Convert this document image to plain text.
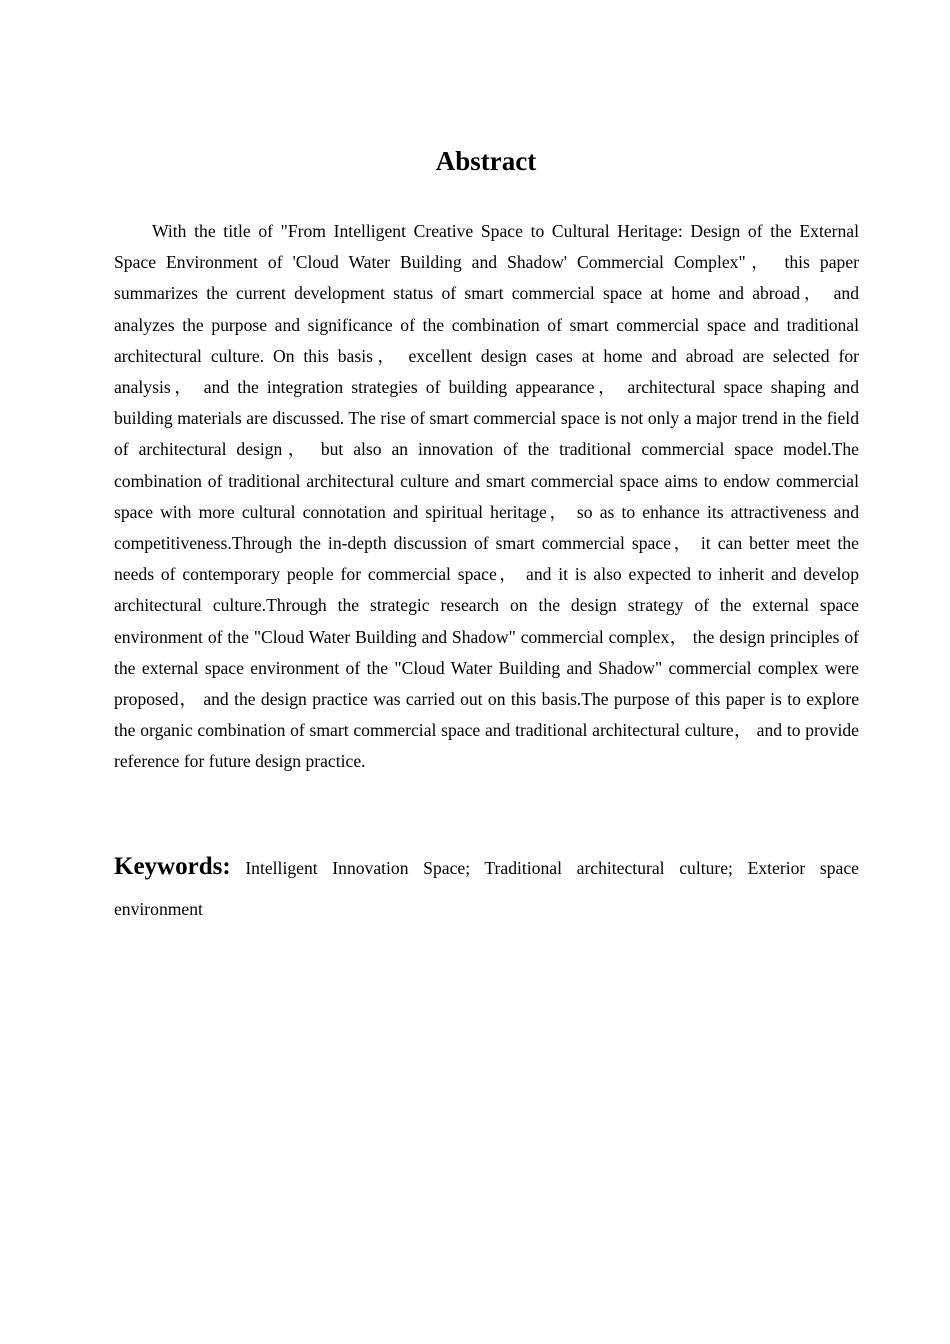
Abstract

With the title of "From Intelligent Creative Space to Cultural Heritage: Design of the External Space Environment of 'Cloud Water Building and Shadow' Commercial Complex"， this paper summarizes the current development status of smart commercial space at home and abroad， and analyzes the purpose and significance of the combination of smart commercial space and traditional architectural culture. On this basis， excellent design cases at home and abroad are selected for analysis， and the integration strategies of building appearance， architectural space shaping and building materials are discussed. The rise of smart commercial space is not only a major trend in the field of architectural design， but also an innovation of the traditional commercial space model.The combination of traditional architectural culture and smart commercial space aims to endow commercial space with more cultural connotation and spiritual heritage， so as to enhance its attractiveness and competitiveness.Through the in-depth discussion of smart commercial space， it can better meet the needs of contemporary people for commercial space， and it is also expected to inherit and develop architectural culture.Through the strategic research on the design strategy of the external space environment of the "Cloud Water Building and Shadow" commercial complex， the design principles of the external space environment of the "Cloud Water Building and Shadow" commercial complex were proposed， and the design practice was carried out on this basis.The purpose of this paper is to explore the organic combination of smart commercial space and traditional architectural culture， and to provide reference for future design practice.

Keywords: Intelligent Innovation Space; Traditional architectural culture; Exterior space environment
